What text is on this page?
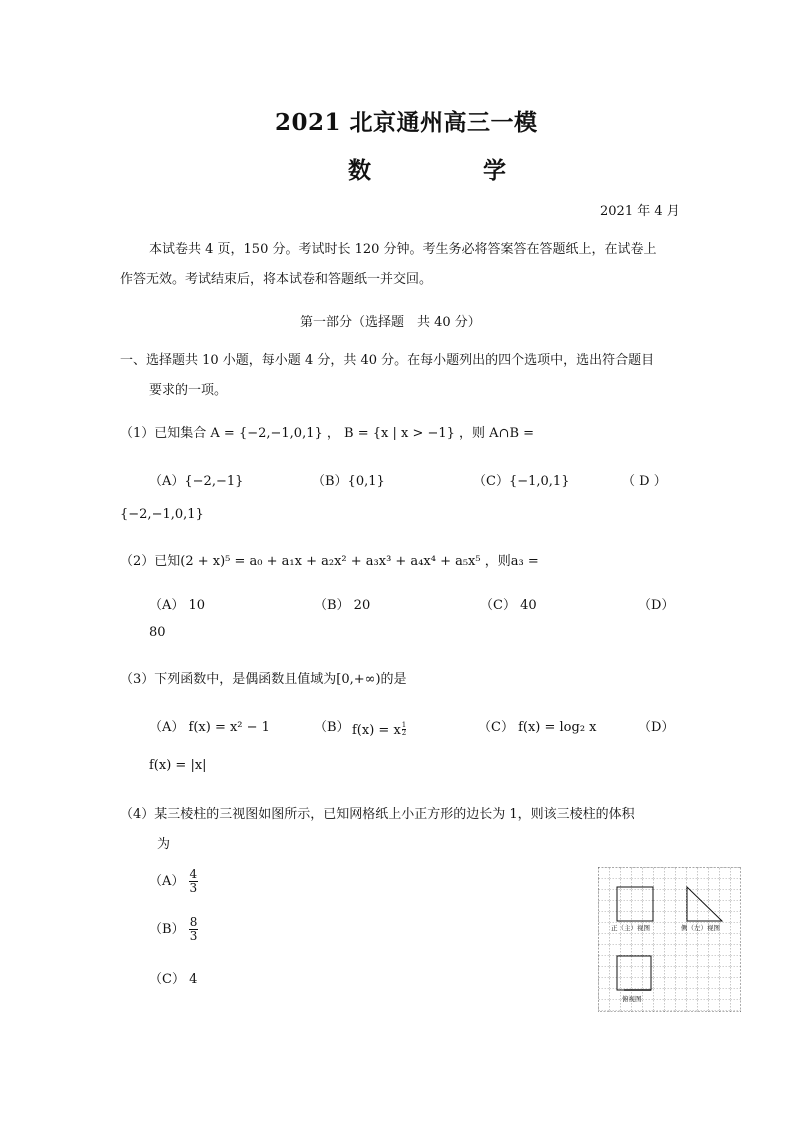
2021 北京通州高三一模
数 学
2021 年 4 月
本试卷共 4 页，150 分。考试时长 120 分钟。考生务必将答案答在答题纸上，在试卷上
作答无效。考试结束后，将本试卷和答题纸一并交回。
第一部分（选择题　共 40 分）
一、选择题共 10 小题，每小题 4 分，共 40 分。在每小题列出的四个选项中，选出符合题目
要求的一项。
（1）已知集合 A = {−2,−1,0,1} ， B = {x | x > −1} ，则 A∩B =
（A）{−2,−1}	（B）{0,1}	（C）{−1,0,1}	（ D ）
{−2,−1,0,1}
（2）已知(2 + x)⁵ = a₀ + a₁x + a₂x² + a₃x³ + a₄x⁴ + a₅x⁵ ，则a₃ =
（A） 10	（B） 20	（C） 40	（D）
80
（3）下列函数中，是偶函数且值域为[0,+∞)的是
（A） f(x) = x² − 1	（B） f(x) = x $\frac{1}{2}$	（C） f(x) = log₂ x	（D）
f(x) = |x|
（4）某三棱柱的三视图如图所示，已知网格纸上小正方形的边长为 1，则该三棱柱的体积
为
$(A) \frac{4}{3}$
$(B) \frac{8}{3}$
（C） 4
正（主）视图	侧（左）视图
俯视图
